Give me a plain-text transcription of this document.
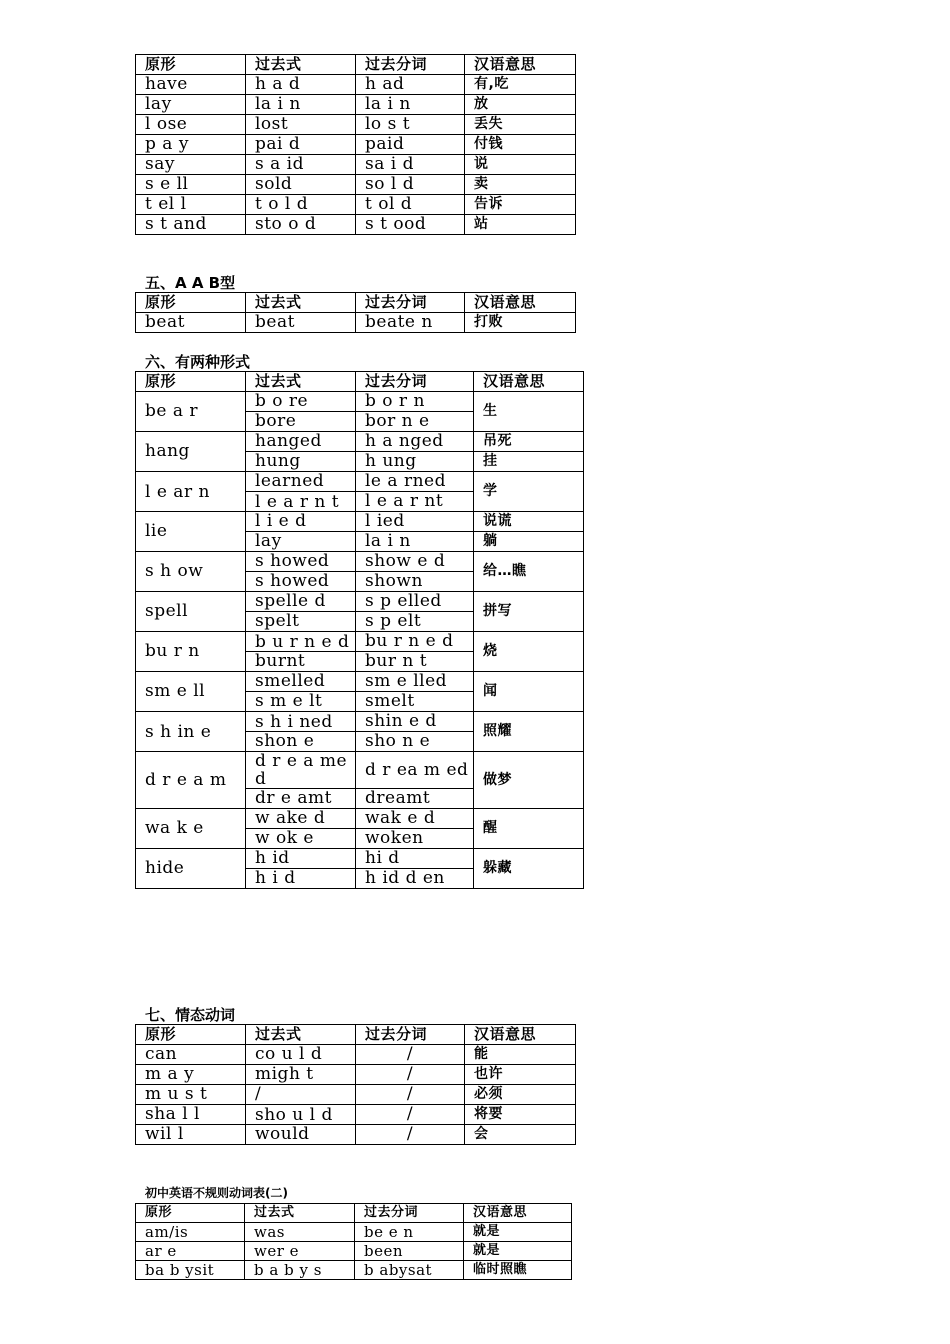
原形	过去式	过去分词	汉语意思
have	h a d	h ad	有,吃
lay	la i n	la i n	放
l ose	lost	lo s t	丢失
p a y	pai d	paid	付钱
say	s a id	sa i d	说
s e ll	sold	so l d	卖
t el l	t o l d	t ol d	告诉
s t and	sto o d	s t ood	站
五、A A B型
原形	过去式	过去分词	汉语意思
beat	beat	beate n	打败
六、有两种形式
原形	过去式	过去分词	汉语意思
be a r	b o re	b o r n	生
	bore	bor n e	
hang	hanged	h a nged	吊死
	hung	h ung	挂
l e ar n	learned	le a rned	学
	l e a r n t	l e a r nt	
lie	l i e d	l ied	说谎
	lay	la i n	躺
s h ow	s howed	show e d	给…瞧
	s howed	shown	
spell	spelle d	s p elled	拼写
	spelt	s p elt	
bu r n	b u r n e d	bu r n e d	烧
	burnt	bur n t	
sm e ll	smelled	sm e lled	闻
	s m e lt	smelt	
s h in e	s h i ned	shin e d	照耀
	shon e	sho n e	
d r e a m	d r e a med	d r ea m ed	做梦
	dr e amt	dreamt	
wa k e	w ake d	wak e d	醒
	w ok e	woken	
hide	h id	hi d	躲藏
	h i d	h id d en	
七、情态动词
原形	过去式	过去分词	汉语意思
can	co u l d	/	能
m a y	migh t	/	也许
m u s t	/	/	必须
sha l l	sho u l d	/	将要
wil l	would	/	会
初中英语不规则动词表(二)
原形	过去式	过去分词	汉语意思
am/is	was	be e n	就是
ar e	wer e	been	就是
ba b ysit	b a b y s	b abysat	临时照瞧
